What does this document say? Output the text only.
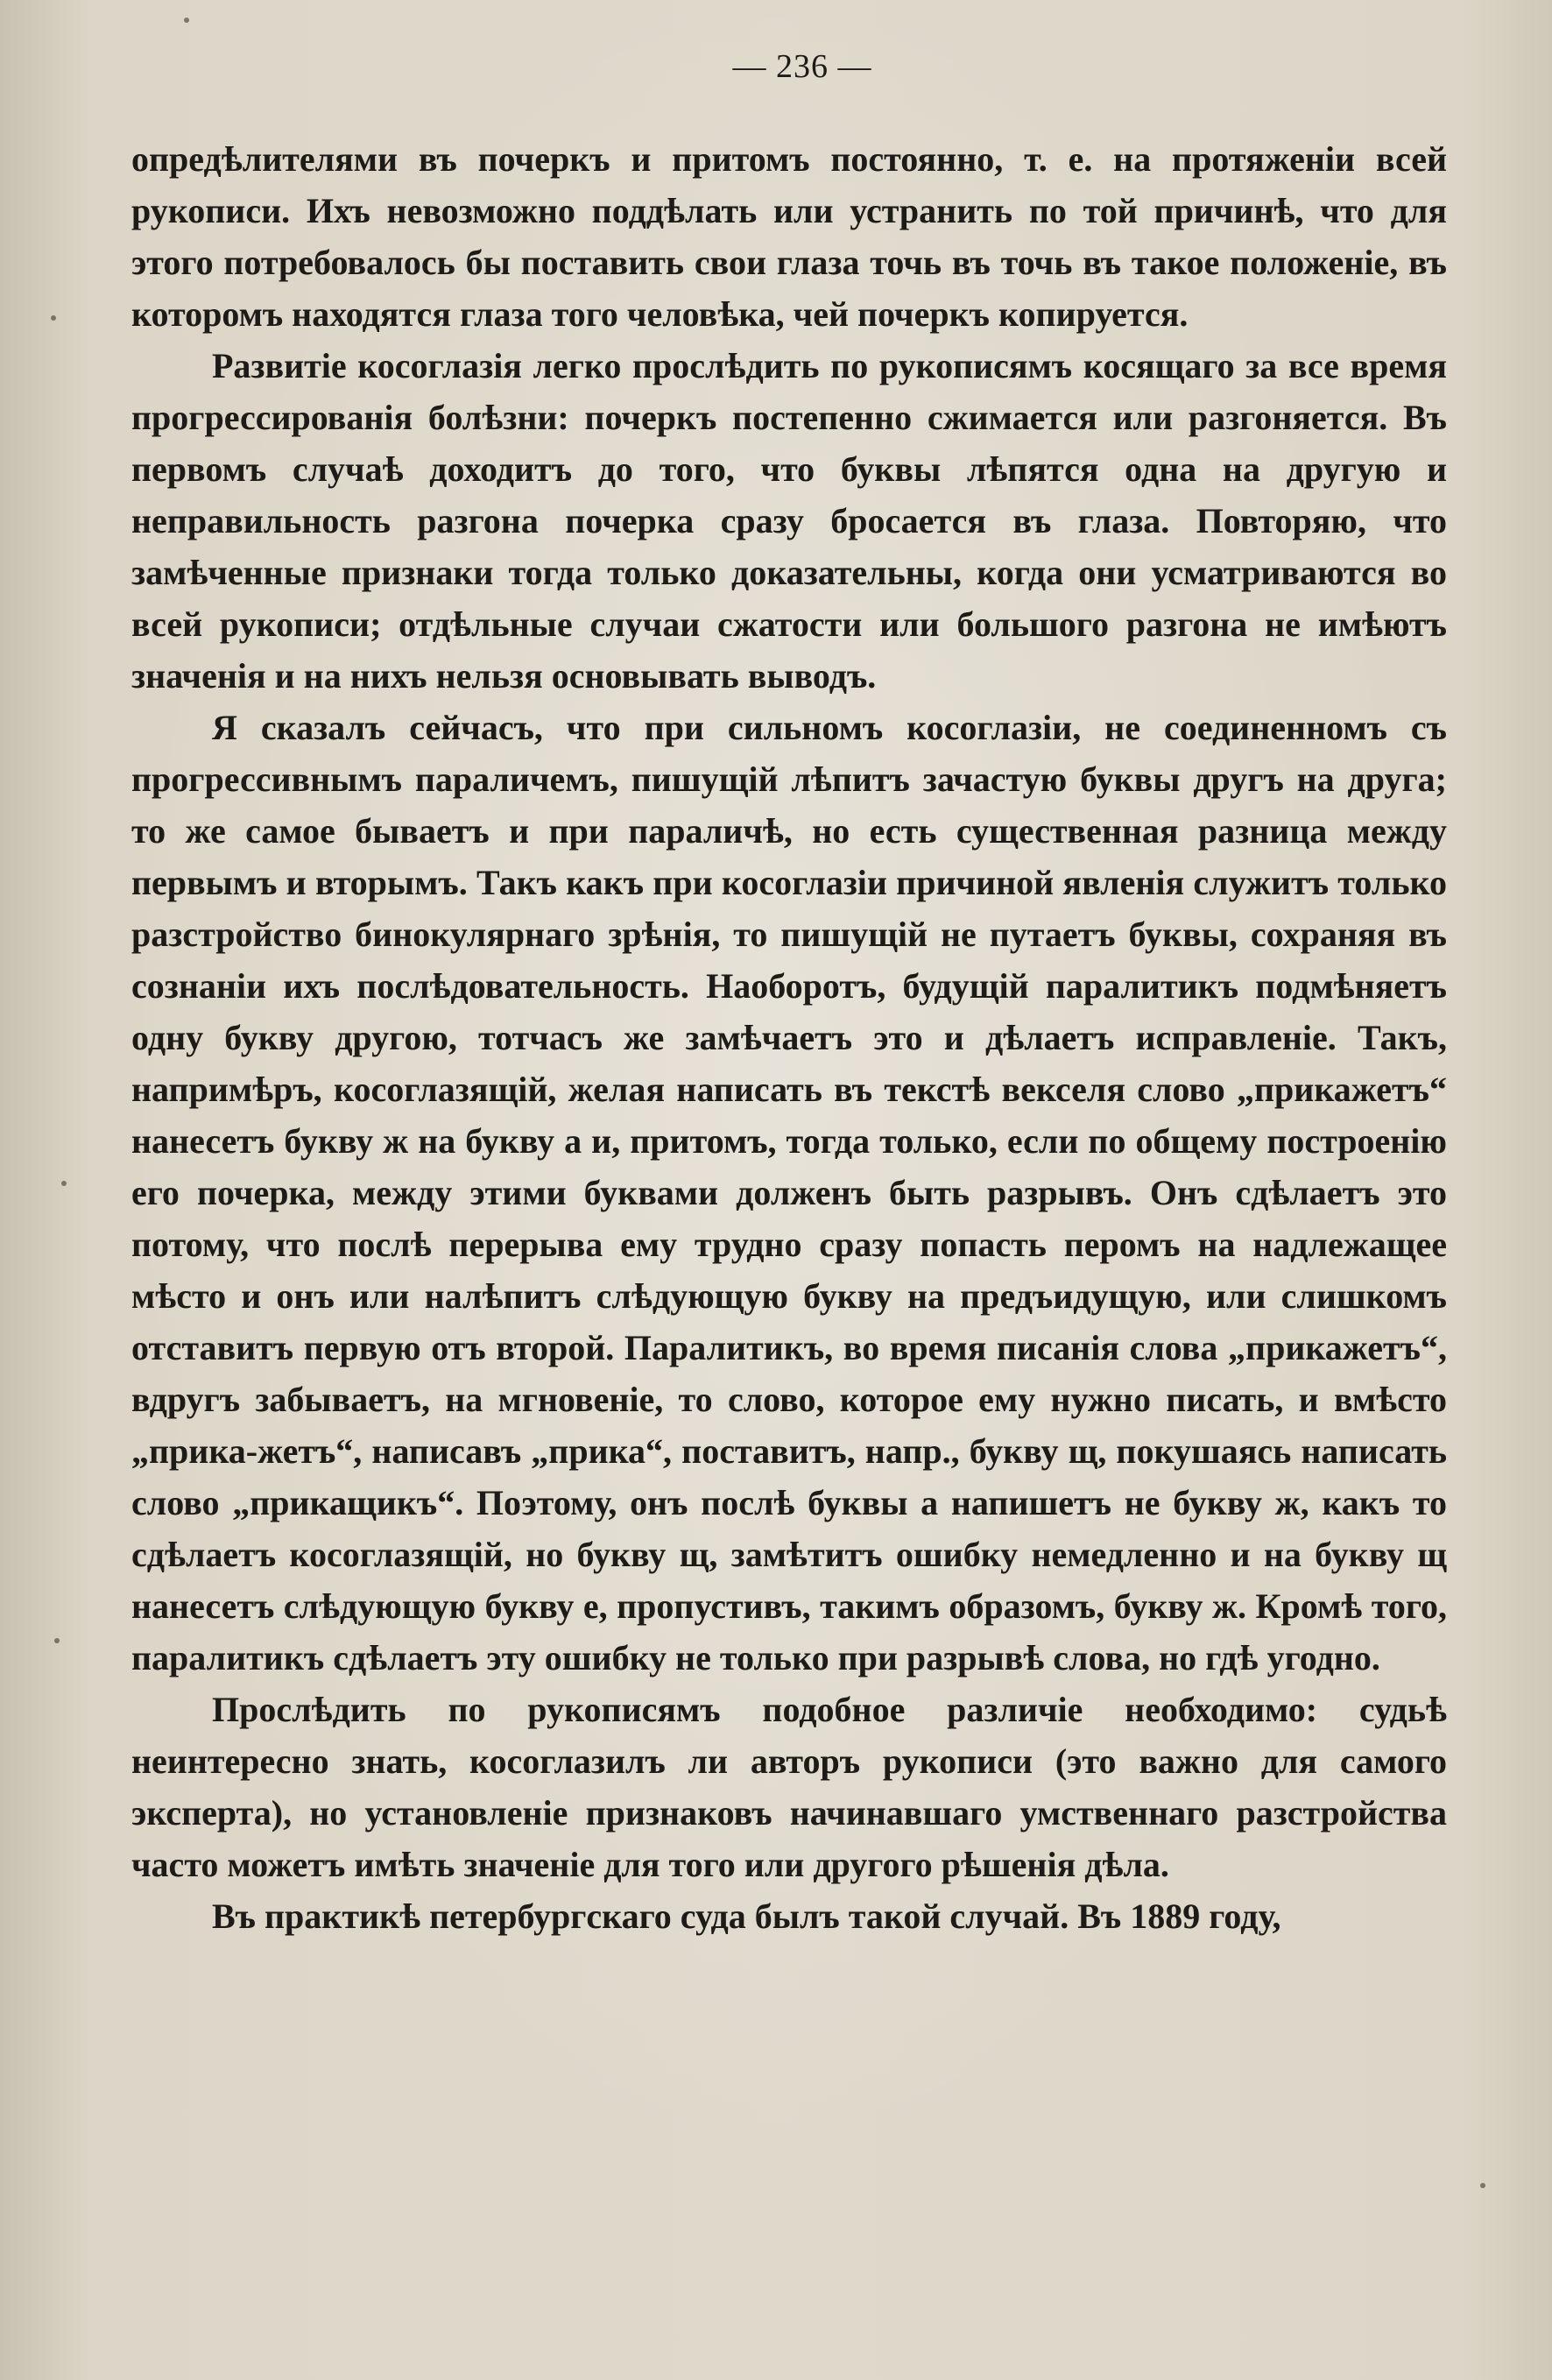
— 236 —

опредѣлителями въ почеркъ и притомъ постоянно, т. е. на протяженіи всей рукописи. Ихъ невозможно поддѣлать или устранить по той причинѣ, что для этого потребовалось бы поставить свои глаза точь въ точь въ такое положеніе, въ которомъ находятся глаза того человѣка, чей почеркъ копируется.

Развитіе косоглазія легко прослѣдить по рукописямъ косящаго за все время прогрессированія болѣзни: почеркъ постепенно сжимается или разгоняется. Въ первомъ случаѣ доходитъ до того, что буквы лѣпятся одна на другую и неправильность разгона почерка сразу бросается въ глаза. Повторяю, что замѣченные признаки тогда только доказательны, когда они усматриваются во всей рукописи; отдѣльные случаи сжатости или большого разгона не имѣютъ значенія и на нихъ нельзя основывать выводъ.

Я сказалъ сейчасъ, что при сильномъ косоглазіи, не соединенномъ съ прогрессивнымъ параличемъ, пишущій лѣпитъ зачастую буквы другъ на друга; то же самое бываетъ и при параличѣ, но есть существенная разница между первымъ и вторымъ. Такъ какъ при косоглазіи причиной явленія служитъ только разстройство бинокулярнаго зрѣнія, то пишущій не путаетъ буквы, сохраняя въ сознаніи ихъ послѣдовательность. Наоборотъ, будущій паралитикъ подмѣняетъ одну букву другою, тотчасъ же замѣчаетъ это и дѣлаетъ исправленіе. Такъ, напримѣръ, косоглазящій, желая написать въ текстѣ векселя слово „прикажетъ“ нанесетъ букву ж на букву а и, притомъ, тогда только, если по общему построенію его почерка, между этими буквами долженъ быть разрывъ. Онъ сдѣлаетъ это потому, что послѣ перерыва ему трудно сразу попасть перомъ на надлежащее мѣсто и онъ или налѣпитъ слѣдующую букву на предъидущую, или слишкомъ отставитъ первую отъ второй. Паралитикъ, во время писанія слова „прикажетъ“, вдругъ забываетъ, на мгновеніе, то слово, которое ему нужно писать, и вмѣсто „прика-жетъ“, написавъ „прика“, поставитъ, напр., букву щ, покушаясь написать слово „прикащикъ“. Поэтому, онъ послѣ буквы а напишетъ не букву ж, какъ то сдѣлаетъ косоглазящій, но букву щ, замѣтитъ ошибку немедленно и на букву щ нанесетъ слѣдующую букву е, пропустивъ, такимъ образомъ, букву ж. Кромѣ того, паралитикъ сдѣлаетъ эту ошибку не только при разрывѣ слова, но гдѣ угодно.

Прослѣдить по рукописямъ подобное различіе необходимо: судьѣ неинтересно знать, косоглазилъ ли авторъ рукописи (это важно для самого эксперта), но установленіе признаковъ начинавшаго умственнаго разстройства часто можетъ имѣть значеніе для того или другого рѣшенія дѣла.

Въ практикѣ петербургскаго суда былъ такой случай. Въ 1889 году,
